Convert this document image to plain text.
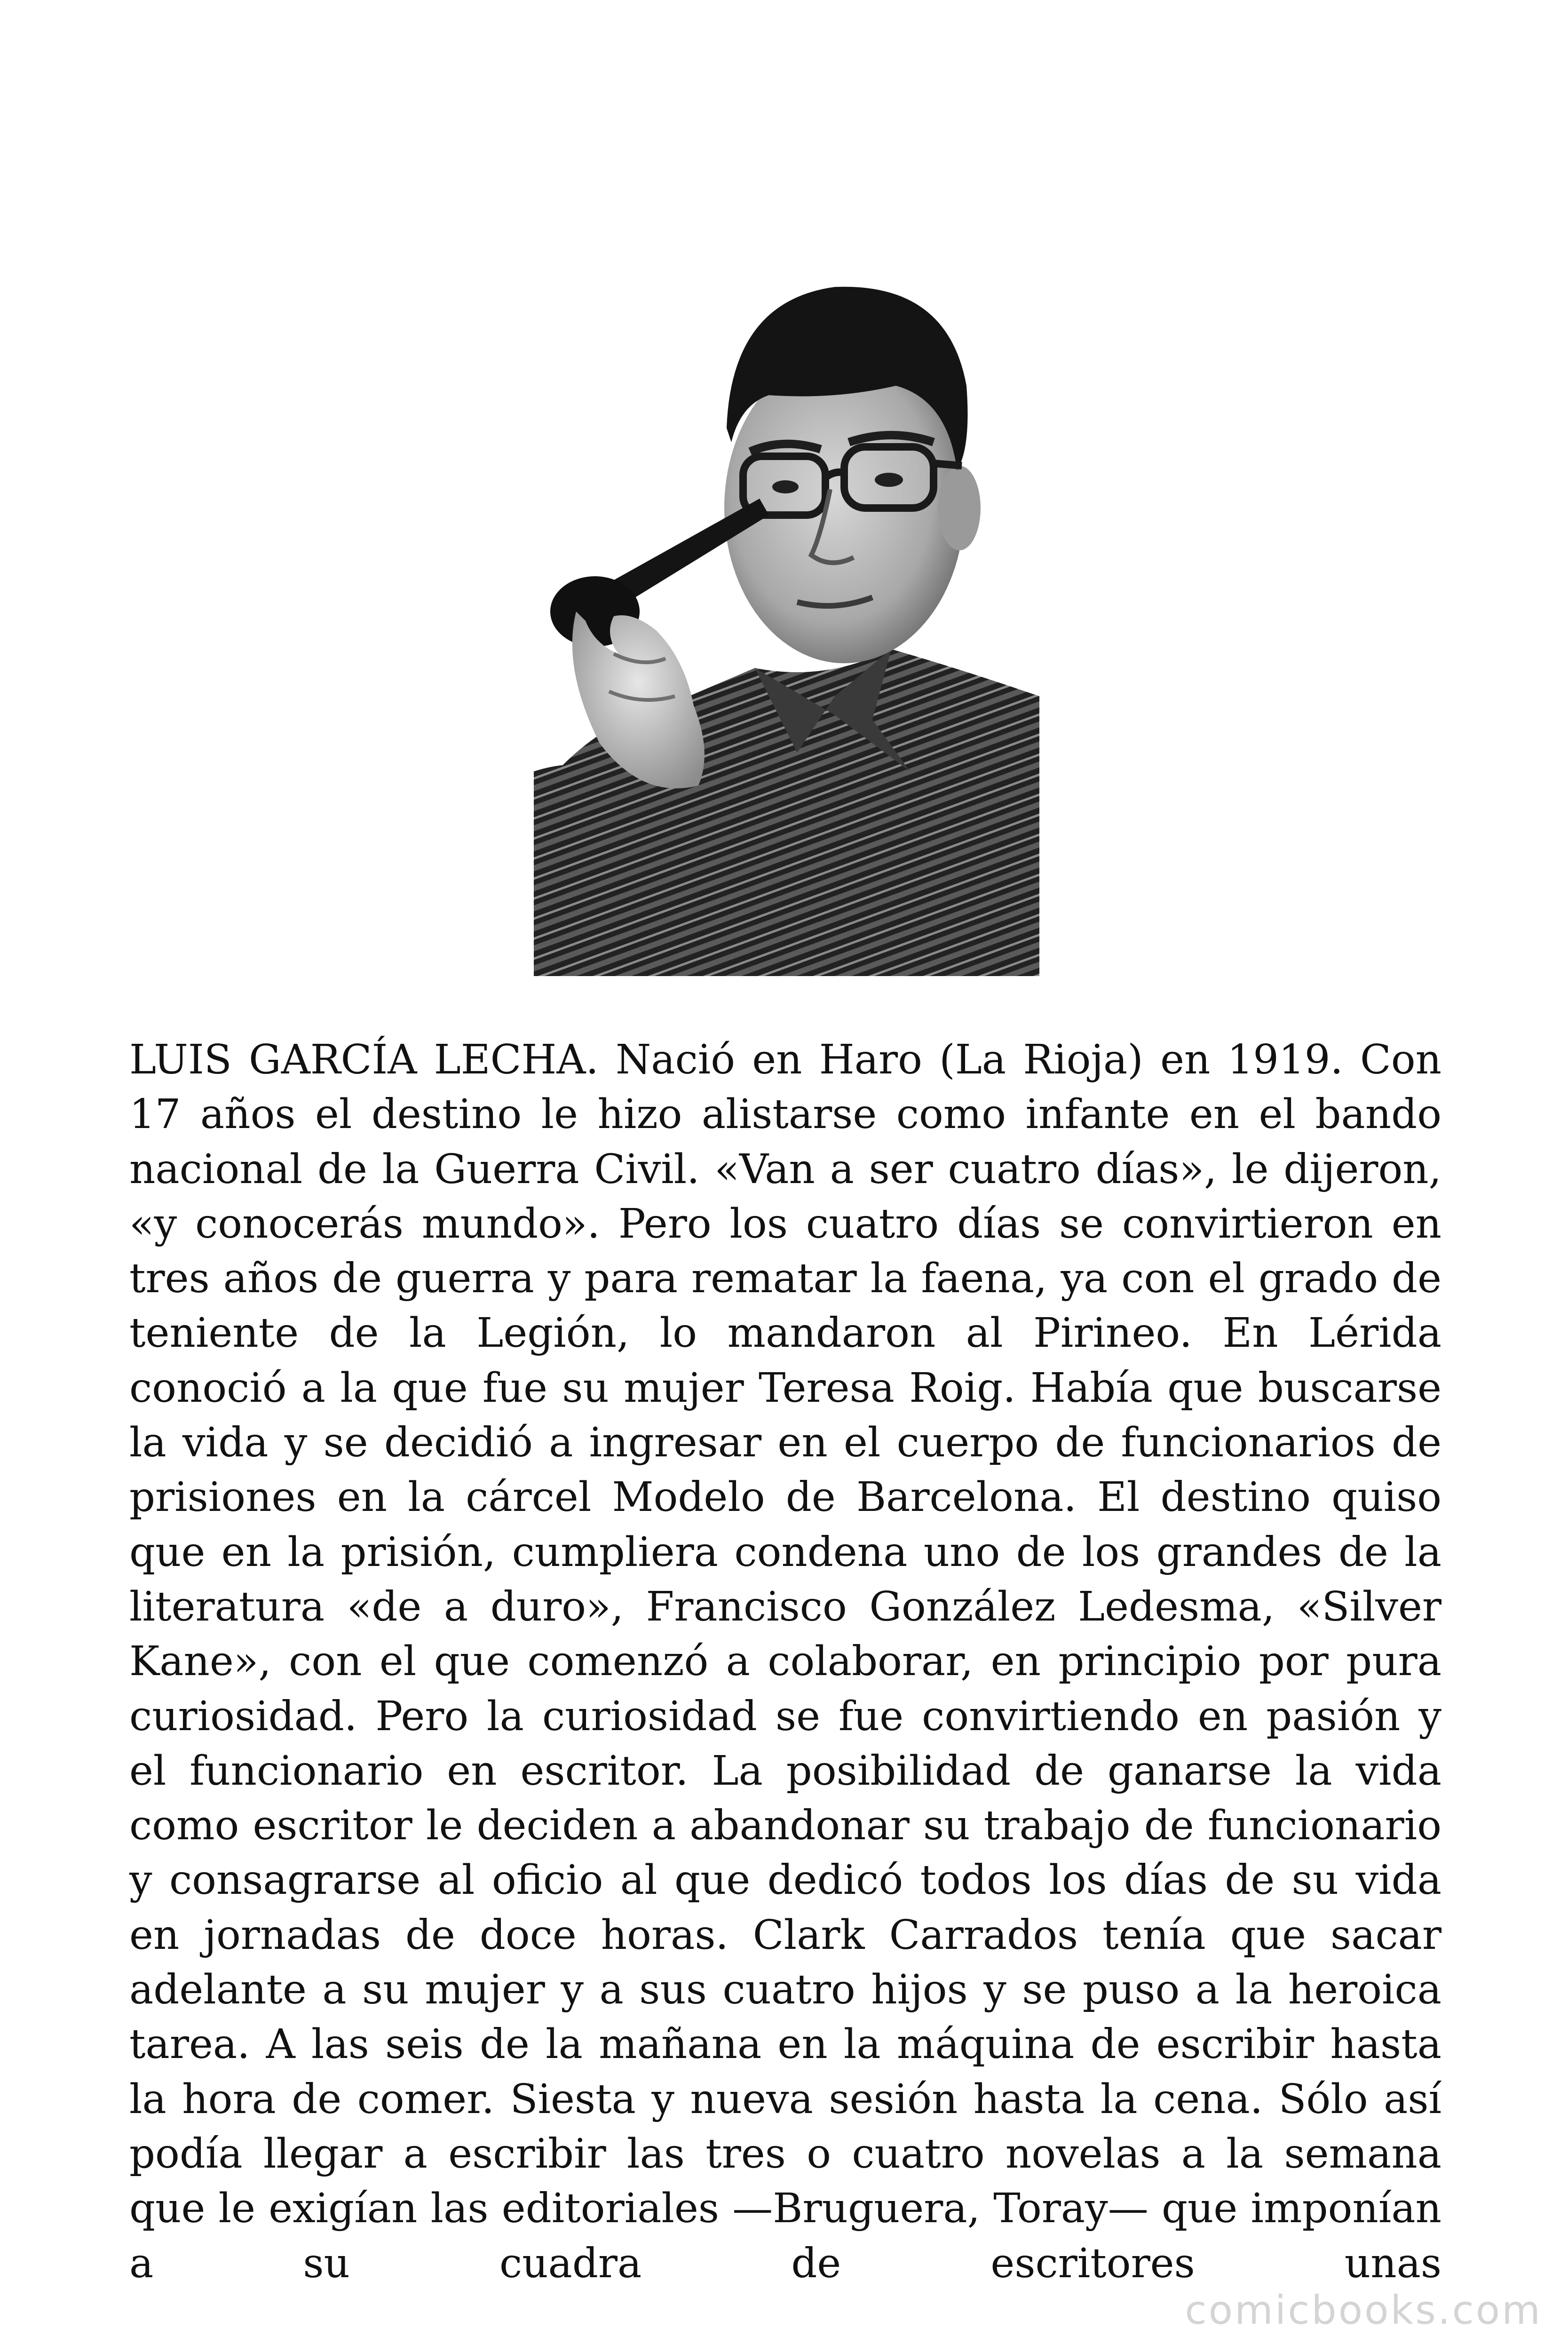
LUIS GARCÍA LECHA. Nació en Haro (La Rioja) en 1919. Con 17 años el destino le hizo alistarse como infante en el bando nacional de la Guerra Civil. «Van a ser cuatro días», le dijeron, «y conocerás mundo». Pero los cuatro días se convirtieron en tres años de guerra y para rematar la faena, ya con el grado de teniente de la Legión, lo mandaron al Pirineo. En Lérida conoció a la que fue su mujer Teresa Roig. Había que buscarse la vida y se decidió a ingresar en el cuerpo de funcionarios de prisiones en la cárcel Modelo de Barcelona. El destino quiso que en la prisión, cumpliera condena uno de los grandes de la literatura «de a duro», Francisco González Ledesma, «Silver Kane», con el que comenzó a colaborar, en principio por pura curiosidad. Pero la curiosidad se fue convirtiendo en pasión y el funcionario en escritor. La posibilidad de ganarse la vida como escritor le deciden a abandonar su trabajo de funcionario y consagrarse al oficio al que dedicó todos los días de su vida en jornadas de doce horas. Clark Carrados tenía que sacar adelante a su mujer y a sus cuatro hijos y se puso a la heroica tarea. A las seis de la mañana en la máquina de escribir hasta la hora de comer. Siesta y nueva sesión hasta la cena. Sólo así podía llegar a escribir las tres o cuatro novelas a la semana que le exigían las editoriales —Bruguera, Toray— que imponían a su cuadra de escritores unas

comicbooks.com
